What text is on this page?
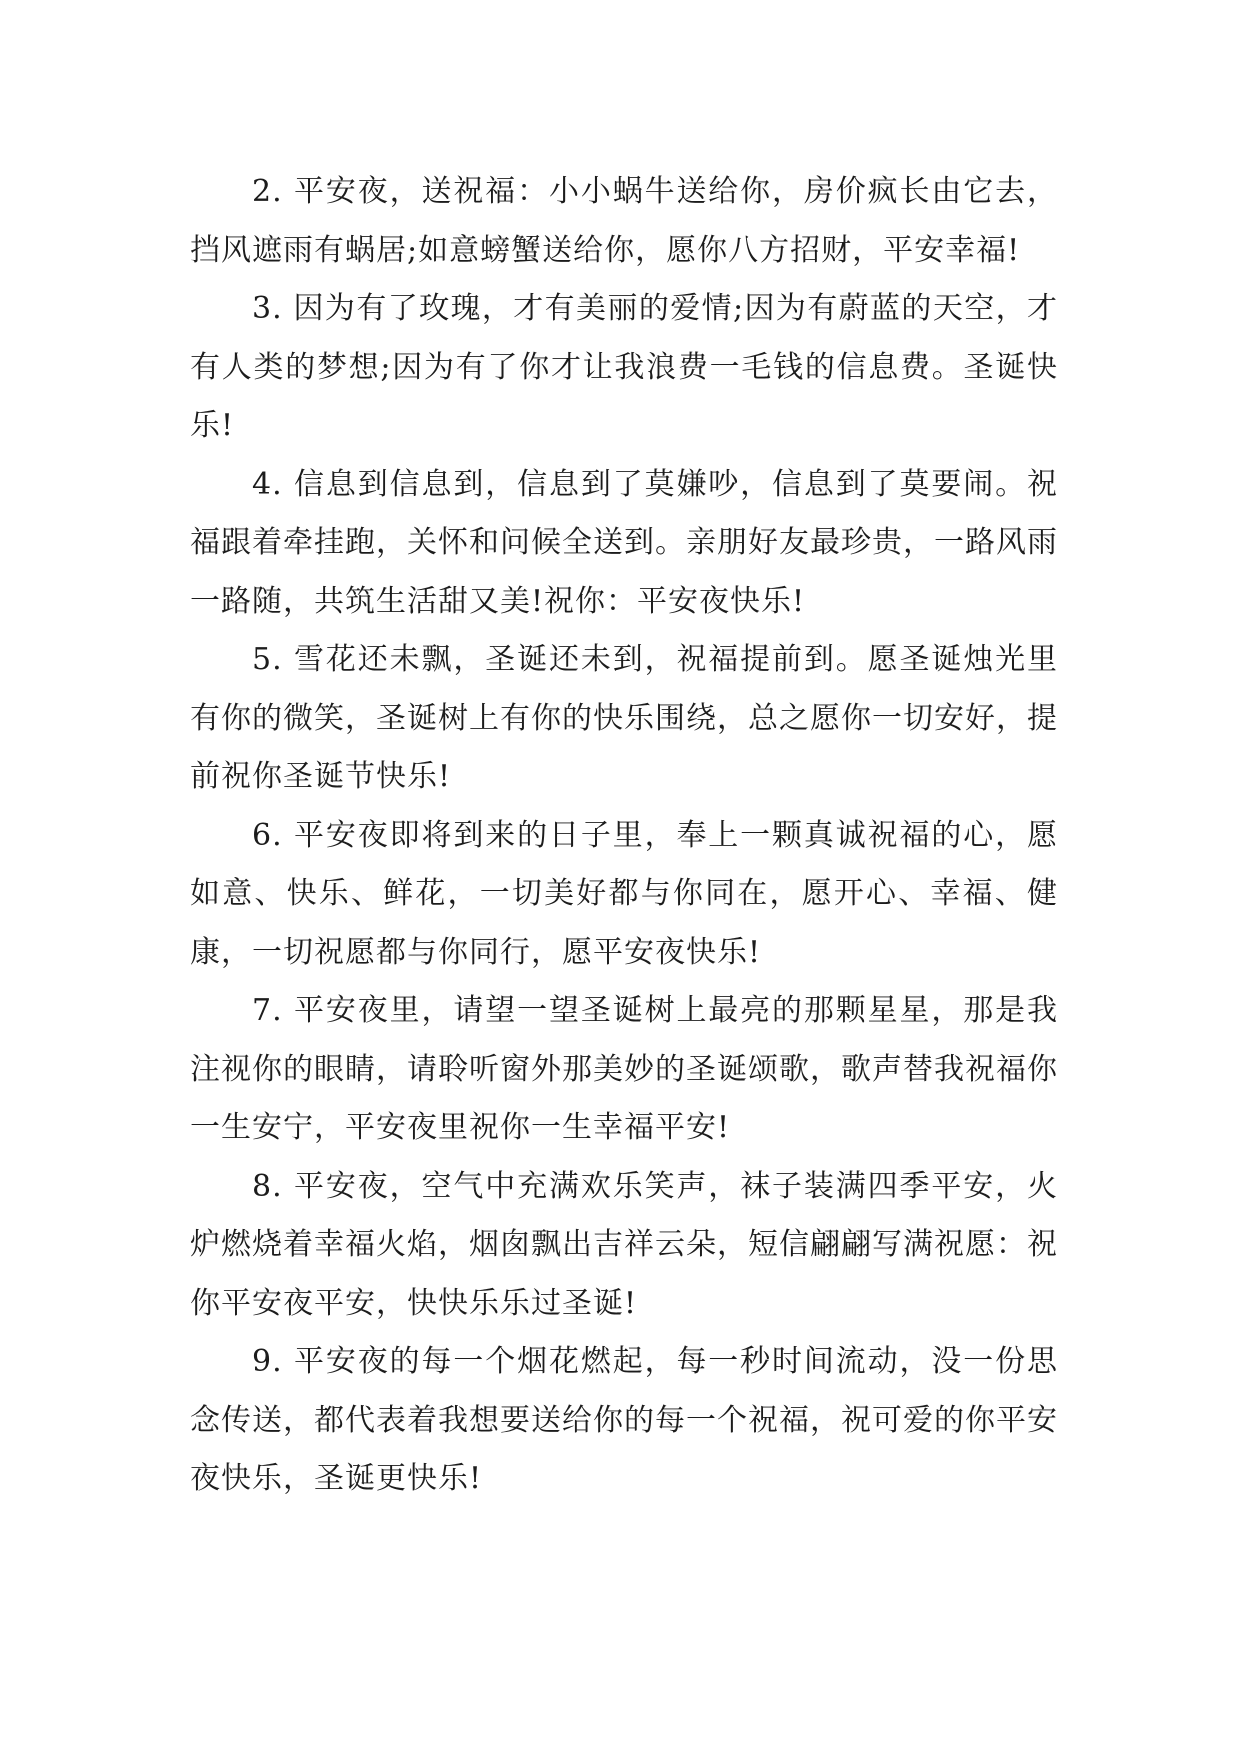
2. 平安夜，送祝福：小小蜗牛送给你，房价疯长由它去，挡风遮雨有蜗居;如意螃蟹送给你，愿你八方招财，平安幸福!

3. 因为有了玫瑰，才有美丽的爱情;因为有蔚蓝的天空，才有人类的梦想;因为有了你才让我浪费一毛钱的信息费。圣诞快乐!

4. 信息到信息到，信息到了莫嫌吵，信息到了莫要闹。祝福跟着牵挂跑，关怀和问候全送到。亲朋好友最珍贵，一路风雨一路随，共筑生活甜又美!祝你：平安夜快乐!

5. 雪花还未飘，圣诞还未到，祝福提前到。愿圣诞烛光里有你的微笑，圣诞树上有你的快乐围绕，总之愿你一切安好，提前祝你圣诞节快乐!

6. 平安夜即将到来的日子里，奉上一颗真诚祝福的心，愿如意、快乐、鲜花，一切美好都与你同在，愿开心、幸福、健康，一切祝愿都与你同行，愿平安夜快乐!

7. 平安夜里，请望一望圣诞树上最亮的那颗星星，那是我注视你的眼睛，请聆听窗外那美妙的圣诞颂歌，歌声替我祝福你一生安宁，平安夜里祝你一生幸福平安!

8. 平安夜，空气中充满欢乐笑声，袜子装满四季平安，火炉燃烧着幸福火焰，烟囱飘出吉祥云朵，短信翩翩写满祝愿：祝你平安夜平安，快快乐乐过圣诞!

9. 平安夜的每一个烟花燃起，每一秒时间流动，没一份思念传送，都代表着我想要送给你的每一个祝福，祝可爱的你平安夜快乐，圣诞更快乐!
